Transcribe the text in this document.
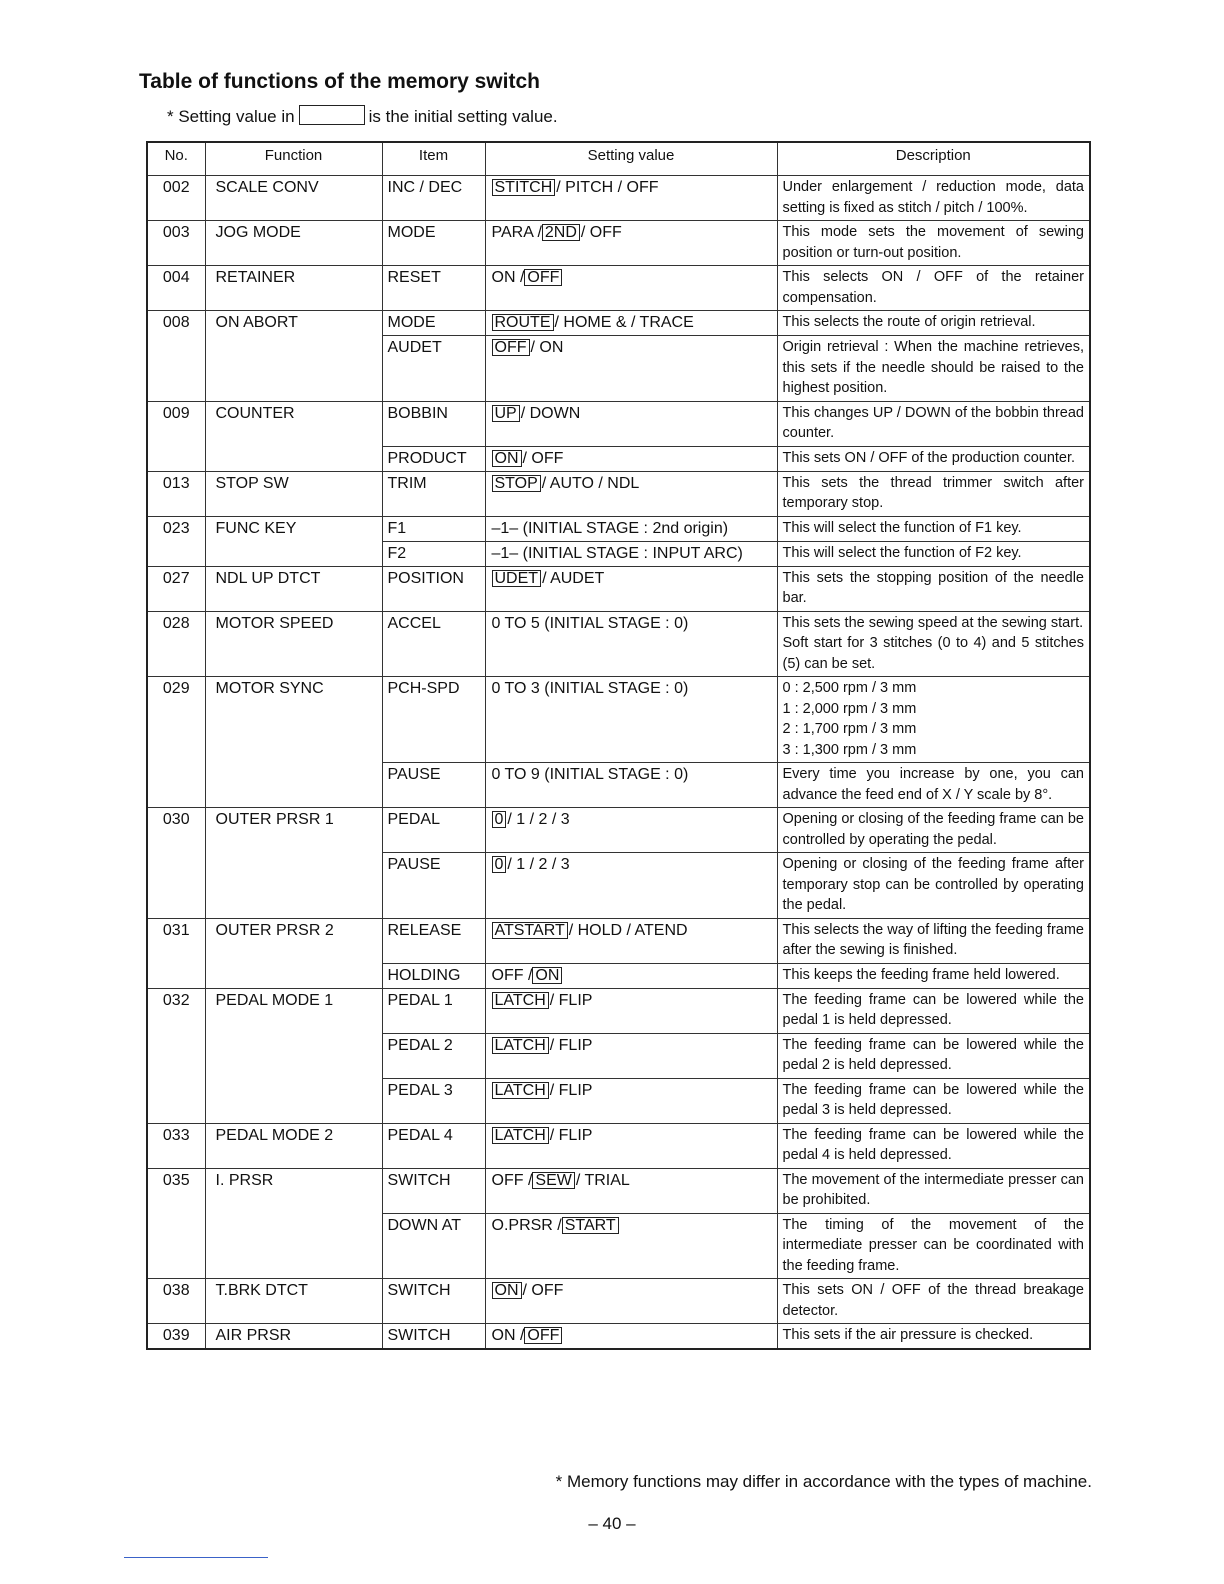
Table of functions of the memory switch
* Setting value in	is the initial setting value.
No.	Function	Item	Setting value	Description
002	SCALE CONV	INC / DEC	STITCH / PITCH / OFF	Under enlargement / reduction mode, data setting is fixed as stitch / pitch / 100%.

003	JOG MODE	MODE	PARA / 2ND / OFF	This mode sets the movement of sewing position or turn-out position.

004	RETAINER	RESET	ON / OFF	This selects ON / OFF of the retainer compensation.

008	ON ABORT	MODE	ROUTE / HOME & / TRACE	This selects the route of origin retrieval.

		AUDET	OFF / ON	Origin retrieval : When the machine retrieves, this sets if the needle should be raised to the highest position.

009	COUNTER	BOBBIN	UP / DOWN	This changes UP / DOWN of the bobbin thread counter.

		PRODUCT	ON / OFF	This sets ON / OFF of the production counter.

013	STOP SW	TRIM	STOP / AUTO / NDL	This sets the thread trimmer switch after temporary stop.

023	FUNC KEY	F1	–1– (INITIAL STAGE : 2nd origin)	This will select the function of F1 key.

		F2	–1– (INITIAL STAGE : INPUT ARC)	This will select the function of F2 key.

027	NDL UP DTCT	POSITION	UDET / AUDET	This sets the stopping position of the needle bar.

028	MOTOR SPEED	ACCEL	0 TO 5 (INITIAL STAGE : 0)	This sets the sewing speed at the sewing start.
Soft start for 3 stitches (0 to 4) and 5 stitches (5) can be set.

029	MOTOR SYNC	PCH-SPD	0 TO 3 (INITIAL STAGE : 0)	0 : 2,500 rpm / 3 mm
1 : 2,000 rpm / 3 mm
2 : 1,700 rpm / 3 mm
3 : 1,300 rpm / 3 mm

		PAUSE	0 TO 9 (INITIAL STAGE : 0)	Every time you increase by one, you can advance the feed end of X / Y scale by 8°.

030	OUTER PRSR 1	PEDAL	0 / 1 / 2 / 3	Opening or closing of the feeding frame can be controlled by operating the pedal.

		PAUSE	0 / 1 / 2 / 3	Opening or closing of the feeding frame after temporary stop can be controlled by operating the pedal.

031	OUTER PRSR 2	RELEASE	ATSTART / HOLD / ATEND	This selects the way of lifting the feeding frame after the sewing is finished.

		HOLDING	OFF / ON	This keeps the feeding frame held lowered.

032	PEDAL MODE 1	PEDAL 1	LATCH / FLIP	The feeding frame can be lowered while the pedal 1 is held depressed.

		PEDAL 2	LATCH / FLIP	The feeding frame can be lowered while the pedal 2 is held depressed.

		PEDAL 3	LATCH / FLIP	The feeding frame can be lowered while the pedal 3 is held depressed.

033	PEDAL MODE 2	PEDAL 4	LATCH / FLIP	The feeding frame can be lowered while the pedal 4 is held depressed.

035	I. PRSR	SWITCH	OFF / SEW / TRIAL	The movement of the intermediate presser can be prohibited.

		DOWN AT	O.PRSR / START	The timing of the movement of the intermediate presser can be coordinated with the feeding frame.

038	T.BRK DTCT	SWITCH	ON / OFF	This sets ON / OFF of the thread breakage detector.

039	AIR PRSR	SWITCH	ON / OFF	This sets if the air pressure is checked.
* Memory functions may differ in accordance with the types of machine.
– 40 –
